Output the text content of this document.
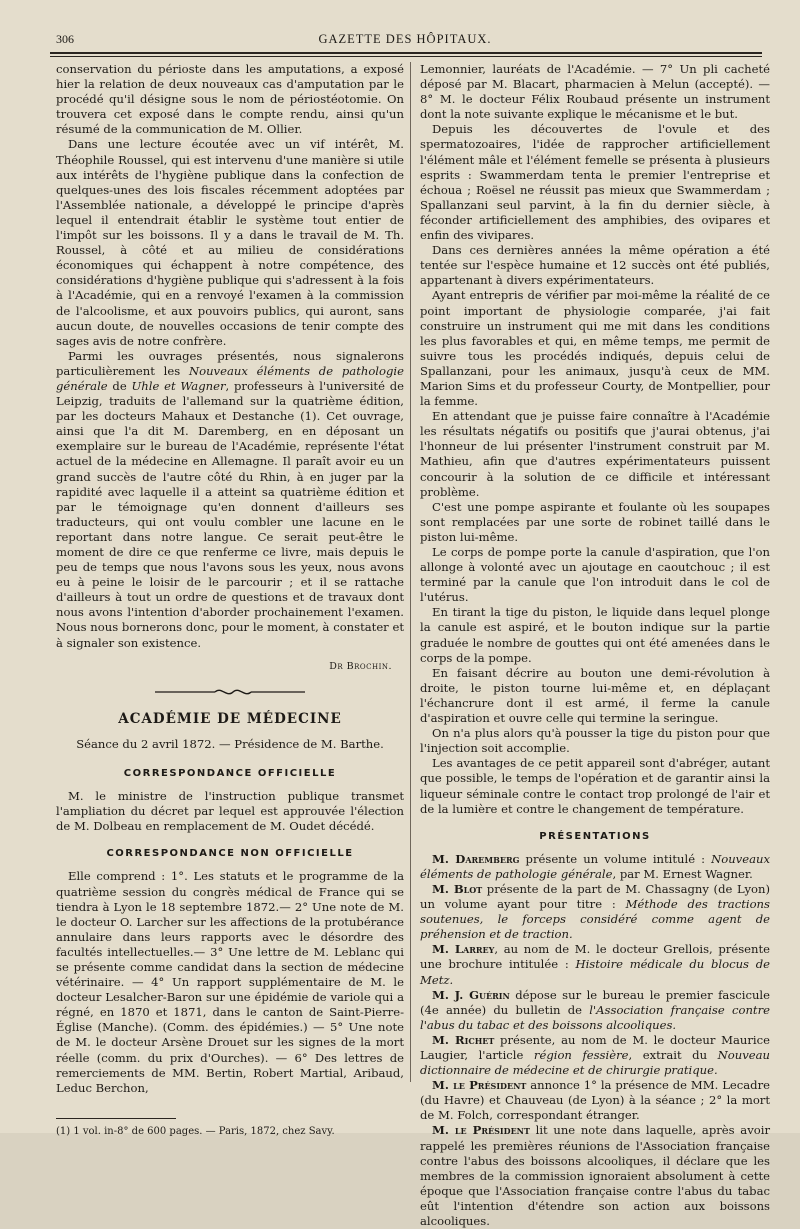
306	GAZETTE DES HÔPITAUX.

conservation du périoste dans les amputations, a exposé hier la relation de deux nouveaux cas d'amputation par le procédé qu'il désigne sous le nom de périostéotomie. On trouvera cet exposé dans le compte rendu, ainsi qu'un résumé de la communication de M. Ollier.

Dans une lecture écoutée avec un vif intérêt, M. Théophile Roussel, qui est intervenu d'une manière si utile aux intérêts de l'hygiène publique dans la confection de quelques-unes des lois fiscales récemment adoptées par l'Assemblée nationale, a développé le principe d'après lequel il entendrait établir le système tout entier de l'impôt sur les boissons. Il y a dans le travail de M. Th. Roussel, à côté et au milieu de considérations économiques qui échappent à notre compétence, des considérations d'hygiène publique qui s'adressent à la fois à l'Académie, qui en a renvoyé l'examen à la commission de l'alcoolisme, et aux pouvoirs publics, qui auront, sans aucun doute, de nouvelles occasions de tenir compte des sages avis de notre confrère.

Parmi les ouvrages présentés, nous signalerons particulièrement les Nouveaux éléments de pathologie générale de Uhle et Wagner, professeurs à l'université de Leipzig, traduits de l'allemand sur la quatrième édition, par les docteurs Mahaux et Destanche (1). Cet ouvrage, ainsi que l'a dit M. Daremberg, en en déposant un exemplaire sur le bureau de l'Académie, représente l'état actuel de la médecine en Allemagne. Il paraît avoir eu un grand succès de l'autre côté du Rhin, à en juger par la rapidité avec laquelle il a atteint sa quatrième édition et par le témoignage qu'en donnent d'ailleurs ses traducteurs, qui ont voulu combler une lacune en le reportant dans notre langue. Ce serait peut-être le moment de dire ce que renferme ce livre, mais depuis le peu de temps que nous l'avons sous les yeux, nous avons eu à peine le loisir de le parcourir ; et il se rattache d'ailleurs à tout un ordre de questions et de travaux dont nous avons l'intention d'aborder prochainement l'examen. Nous nous bornerons donc, pour le moment, à constater et à signaler son existence.

Dr Brochin.
ACADÉMIE DE MÉDECINE
Séance du 2 avril 1872. — Présidence de M. Barthe.
CORRESPONDANCE OFFICIELLE

M. le ministre de l'instruction publique transmet l'ampliation du décret par lequel est approuvée l'élection de M. Dolbeau en remplacement de M. Oudet décédé.

CORRESPONDANCE NON OFFICIELLE

Elle comprend : 1°. Les statuts et le programme de la quatrième session du congrès médical de France qui se tiendra à Lyon le 18 septembre 1872.— 2° Une note de M. le docteur O. Larcher sur les affections de la protubérance annulaire dans leurs rapports avec le désordre des facultés intellectuelles.— 3° Une lettre de M. Leblanc qui se présente comme candidat dans la section de médecine vétérinaire. — 4° Un rapport supplémentaire de M. le docteur Lesalcher-Baron sur une épidémie de variole qui a régné, en 1870 et 1871, dans le canton de Saint-Pierre-Église (Manche). (Comm. des épidémies.) — 5° Une note de M. le docteur Arsène Drouet sur les signes de la mort réelle (comm. du prix d'Ourches). — 6° Des lettres de remerciements de MM. Bertin, Robert Martial, Aribaud, Leduc Berchon,

(1) 1 vol. in-8° de 600 pages. — Paris, 1872, chez Savy.

Lemonnier, lauréats de l'Académie. — 7° Un pli cacheté déposé par M. Blacart, pharmacien à Melun (accepté). — 8° M. le docteur Félix Roubaud présente un instrument dont la note suivante explique le mécanisme et le but.

Depuis les découvertes de l'ovule et des spermatozoaires, l'idée de rapprocher artificiellement l'élément mâle et l'élément femelle se présenta à plusieurs esprits : Swammerdam tenta le premier l'entreprise et échoua ; Roësel ne réussit pas mieux que Swammerdam ; Spallanzani seul parvint, à la fin du dernier siècle, à féconder artificiellement des amphibies, des ovipares et enfin des vivipares.

Dans ces dernières années la même opération a été tentée sur l'espèce humaine et 12 succès ont été publiés, appartenant à divers expérimentateurs.

Ayant entrepris de vérifier par moi-même la réalité de ce point important de physiologie comparée, j'ai fait construire un instrument qui me mit dans les conditions les plus favorables et qui, en même temps, me permit de suivre tous les procédés indiqués, depuis celui de Spallanzani, pour les animaux, jusqu'à ceux de MM. Marion Sims et du professeur Courty, de Montpellier, pour la femme.

En attendant que je puisse faire connaître à l'Académie les résultats négatifs ou positifs que j'aurai obtenus, j'ai l'honneur de lui présenter l'instrument construit par M. Mathieu, afin que d'autres expérimentateurs puissent concourir à la solution de ce difficile et intéressant problème.

C'est une pompe aspirante et foulante où les soupapes sont remplacées par une sorte de robinet taillé dans le piston lui-même.

Le corps de pompe porte la canule d'aspiration, que l'on allonge à volonté avec un ajoutage en caoutchouc ; il est terminé par la canule que l'on introduit dans le col de l'utérus.

En tirant la tige du piston, le liquide dans lequel plonge la canule est aspiré, et le bouton indique sur la partie graduée le nombre de gouttes qui ont été amenées dans le corps de la pompe.

En faisant décrire au bouton une demi-révolution à droite, le piston tourne lui-même et, en déplaçant l'échancrure dont il est armé, il ferme la canule d'aspiration et ouvre celle qui termine la seringue.

On n'a plus alors qu'à pousser la tige du piston pour que l'injection soit accomplie.

Les avantages de ce petit appareil sont d'abréger, autant que possible, le temps de l'opération et de garantir ainsi la liqueur séminale contre le contact trop prolongé de l'air et de la lumière et contre le changement de température.

PRÉSENTATIONS

M. Daremberg présente un volume intitulé : Nouveaux éléments de pathologie générale, par M. Ernest Wagner.

M. Blot présente de la part de M. Chassagny (de Lyon) un volume ayant pour titre : Méthode des tractions soutenues, le forceps considéré comme agent de préhension et de traction.

M. Larrey, au nom de M. le docteur Grellois, présente une brochure intitulée : Histoire médicale du blocus de Metz.

M. J. Guérin dépose sur le bureau le premier fascicule (4e année) du bulletin de l'Association française contre l'abus du tabac et des boissons alcooliques.

M. Richet présente, au nom de M. le docteur Maurice Laugier, l'article région fessière, extrait du Nouveau dictionnaire de médecine et de chirurgie pratique.

M. le Président annonce 1° la présence de MM. Lecadre (du Havre) et Chauveau (de Lyon) à la séance ; 2° la mort de M. Folch, correspondant étranger.

M. le Président lit une note dans laquelle, après avoir rappelé les premières réunions de l'Association française contre l'abus des boissons alcooliques, il déclare que les membres de la commission ignoraient absolument à cette époque que l'Association française contre l'abus du tabac eût l'intention d'étendre son action aux boissons alcooliques.
